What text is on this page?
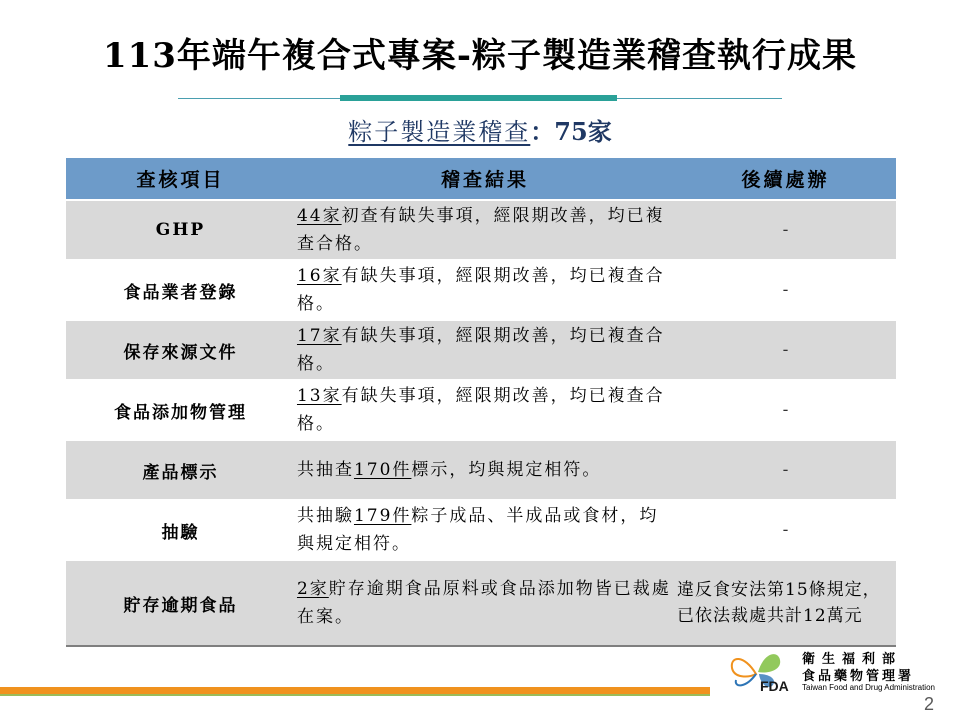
113年端午複合式專案-粽子製造業稽查執行成果
粽子製造業稽查：75家
查核項目	稽查結果	後續處辦
GHP	44家初查有缺失事項，經限期改善，均已複查合格。	-
食品業者登錄	16家有缺失事項，經限期改善，均已複查合格。	-
保存來源文件	17家有缺失事項，經限期改善，均已複查合格。	-
食品添加物管理	13家有缺失事項，經限期改善，均已複查合格。	-
產品標示	共抽查170件標示，均與規定相符。	-
抽驗	共抽驗179件粽子成品、半成品或食材，均與規定相符。	-
貯存逾期食品	2家貯存逾期食品原料或食品添加物皆已裁處在案。	違反食安法第15條規定，已依法裁處共計12萬元
FDA
衛生福利部
食品藥物管理署
Taiwan Food and Drug Administration
2
